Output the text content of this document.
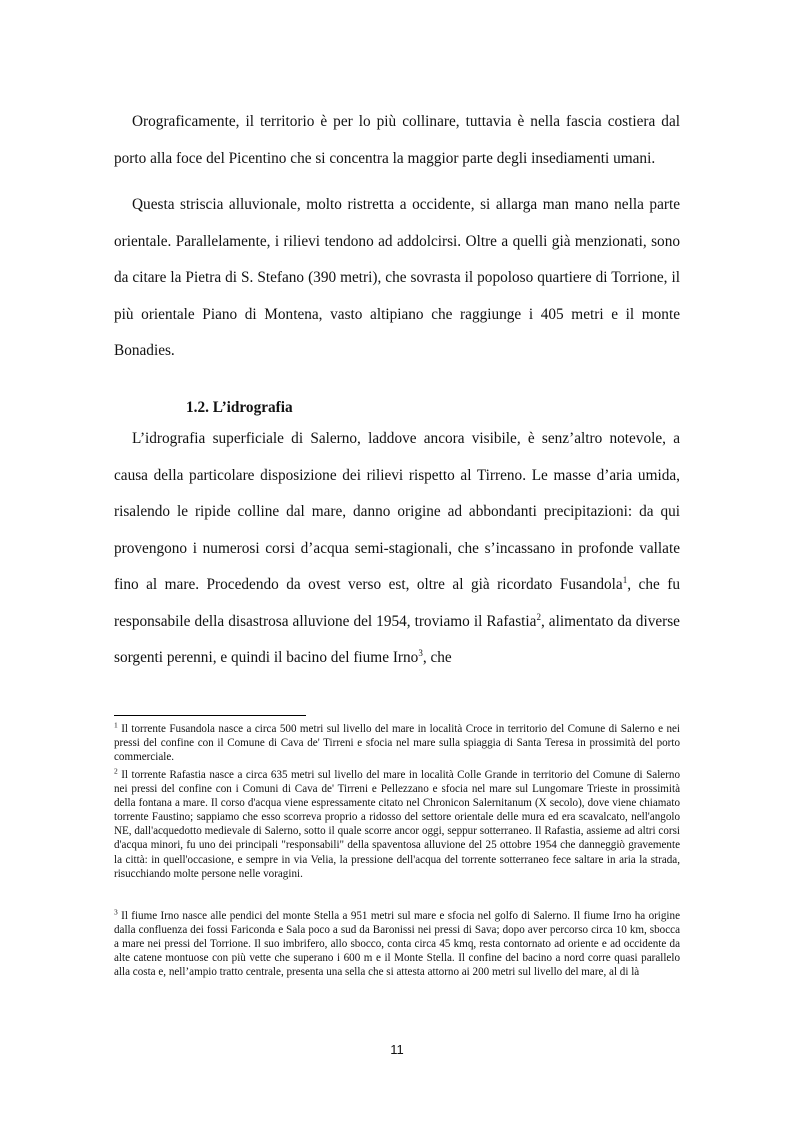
Orograficamente, il territorio è per lo più collinare, tuttavia è nella fascia costiera dal porto alla foce del Picentino che si concentra la maggior parte degli insediamenti umani.

Questa striscia alluvionale, molto ristretta a occidente, si allarga man mano nella parte orientale. Parallelamente, i rilievi tendono ad addolcirsi. Oltre a quelli già menzionati, sono da citare la Pietra di S. Stefano (390 metri), che sovrasta il popoloso quartiere di Torrione, il più orientale Piano di Montena, vasto altipiano che raggiunge i 405 metri e il monte Bonadies.

1.2. L’idrografia

L’idrografia superficiale di Salerno, laddove ancora visibile, è senz’altro notevole, a causa della particolare disposizione dei rilievi rispetto al Tirreno. Le masse d’aria umida, risalendo le ripide colline dal mare, danno origine ad abbondanti precipitazioni: da qui provengono i numerosi corsi d’acqua semi-stagionali, che s’incassano in profonde vallate fino al mare. Procedendo da ovest verso est, oltre al già ricordato Fusandola$^1$, che fu responsabile della disastrosa alluvione del 1954, troviamo il Rafastia$^2$, alimentato da diverse sorgenti perenni, e quindi il bacino del fiume Irno$^3$, che

$^1$ Il torrente Fusandola nasce a circa 500 metri sul livello del mare in località Croce in territorio del Comune di Salerno e nei pressi del confine con il Comune di Cava de' Tirreni e sfocia nel mare sulla spiaggia di Santa Teresa in prossimità del porto commerciale.

$^2$ Il torrente Rafastia nasce a circa 635 metri sul livello del mare in località Colle Grande in territorio del Comune di Salerno nei pressi del confine con i Comuni di Cava de' Tirreni e Pellezzano e sfocia nel mare sul Lungomare Trieste in prossimità della fontana a mare. Il corso d'acqua viene espressamente citato nel Chronicon Salernitanum (X secolo), dove viene chiamato torrente Faustino; sappiamo che esso scorreva proprio a ridosso del settore orientale delle mura ed era scavalcato, nell'angolo NE, dall'acquedotto medievale di Salerno, sotto il quale scorre ancor oggi, seppur sotterraneo. Il Rafastia, assieme ad altri corsi d'acqua minori, fu uno dei principali "responsabili" della spaventosa alluvione del 25 ottobre 1954 che danneggiò gravemente la città: in quell'occasione, e sempre in via Velia, la pressione dell'acqua del torrente sotterraneo fece saltare in aria la strada, risucchiando molte persone nelle voragini.

$^3$ Il fiume Irno nasce alle pendici del monte Stella a 951 metri sul mare e sfocia nel golfo di Salerno. Il fiume Irno ha origine dalla confluenza dei fossi Fariconda e Sala poco a sud da Baronissi nei pressi di Sava; dopo aver percorso circa 10 km, sbocca a mare nei pressi del Torrione. Il suo imbrifero, allo sbocco, conta circa 45 kmq, resta contornato ad oriente e ad occidente da alte catene montuose con più vette che superano i 600 m e il Monte Stella. Il confine del bacino a nord corre quasi parallelo alla costa e, nell’ampio tratto centrale, presenta una sella che si attesta attorno ai 200 metri sul livello del mare, al di là

11
